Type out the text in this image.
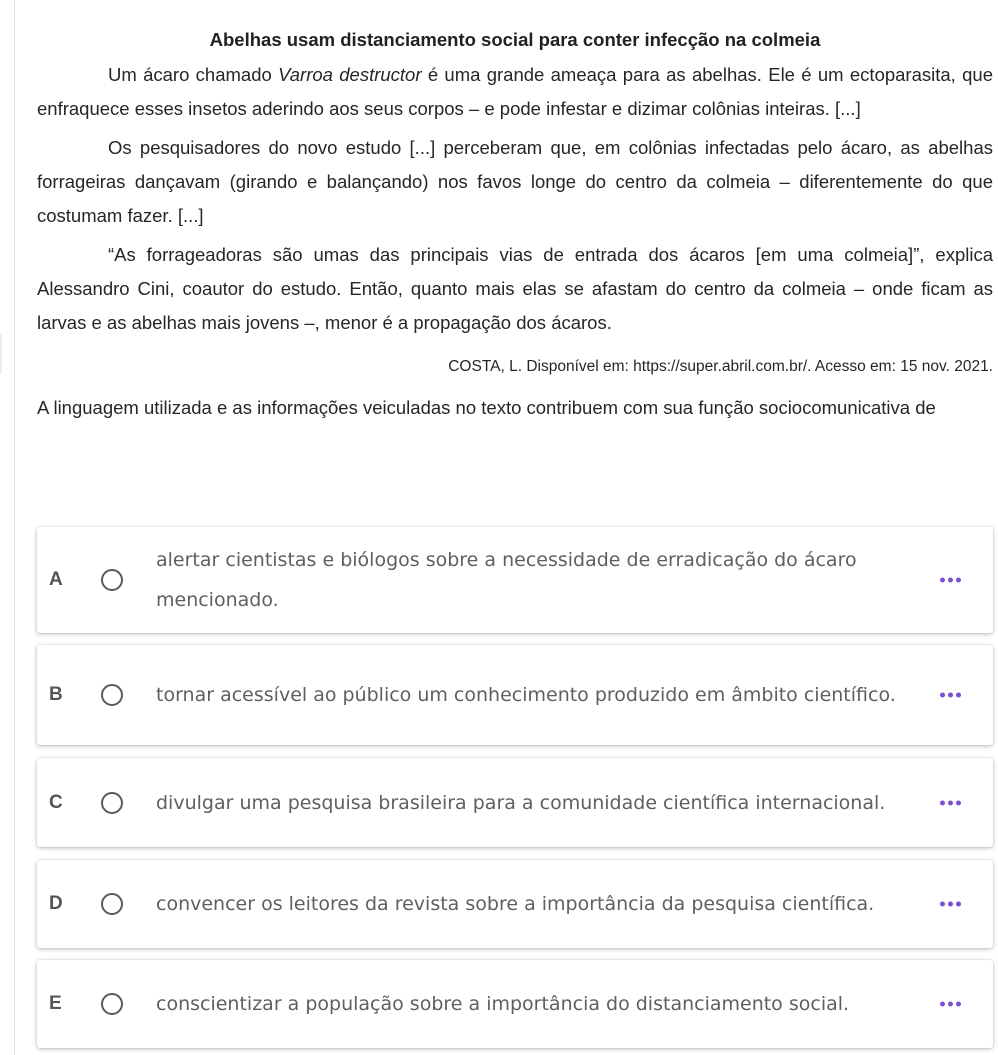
Abelhas usam distanciamento social para conter infecção na colmeia

Um ácaro chamado Varroa destructor é uma grande ameaça para as abelhas. Ele é um ectoparasita, que enfraquece esses insetos aderindo aos seus corpos – e pode infestar e dizimar colônias inteiras. [...]

Os pesquisadores do novo estudo [...] perceberam que, em colônias infectadas pelo ácaro, as abelhas forrageiras dançavam (girando e balançando) nos favos longe do centro da colmeia – diferentemente do que costumam fazer. [...]

“As forrageadoras são umas das principais vias de entrada dos ácaros [em uma colmeia]”, explica Alessandro Cini, coautor do estudo. Então, quanto mais elas se afastam do centro da colmeia – onde ficam as larvas e as abelhas mais jovens –, menor é a propagação dos ácaros.

COSTA, L. Disponível em: https://super.abril.com.br/. Acesso em: 15 nov. 2021.

A linguagem utilizada e as informações veiculadas no texto contribuem com sua função sociocomunicativa de

A
alertar cientistas e biólogos sobre a necessidade de erradicação do ácaro mencionado.
B	tornar acessível ao público um conhecimento produzido em âmbito científico.
C	divulgar uma pesquisa brasileira para a comunidade científica internacional.
D	convencer os leitores da revista sobre a importância da pesquisa científica.
E	conscientizar a população sobre a importância do distanciamento social.
